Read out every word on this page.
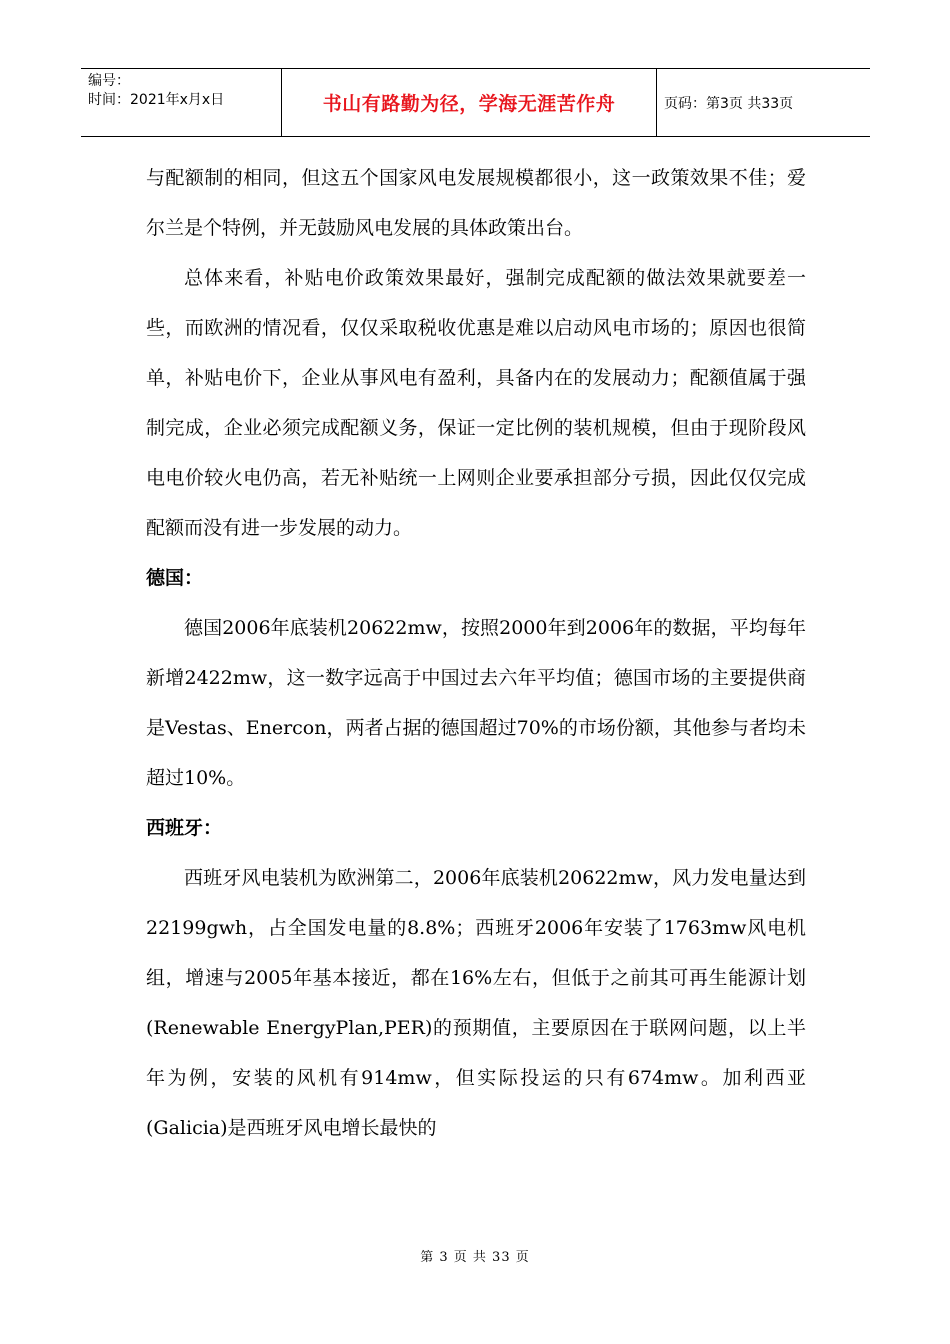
编号：
时间：2021年x月x日	书山有路勤为径，学海无涯苦作舟	页码：第3页 共33页

与配额制的相同，但这五个国家风电发展规模都很小，这一政策效果不佳；爱尔兰是个特例，并无鼓励风电发展的具体政策出台。

总体来看，补贴电价政策效果最好，强制完成配额的做法效果就要差一些，而欧洲的情况看，仅仅采取税收优惠是难以启动风电市场的；原因也很简单，补贴电价下，企业从事风电有盈利，具备内在的发展动力；配额值属于强制完成，企业必须完成配额义务，保证一定比例的装机规模，但由于现阶段风电电价较火电仍高，若无补贴统一上网则企业要承担部分亏损，因此仅仅完成配额而没有进一步发展的动力。

德国：

德国2006年底装机20622mw，按照2000年到2006年的数据，平均每年新增2422mw，这一数字远高于中国过去六年平均值；德国市场的主要提供商是Vestas、Enercon，两者占据的德国超过70%的市场份额，其他参与者均未超过10%。

西班牙：

西班牙风电装机为欧洲第二，2006年底装机20622mw，风力发电量达到22199gwh，占全国发电量的8.8%；西班牙2006年安装了1763mw风电机组，增速与2005年基本接近，都在16%左右，但低于之前其可再生能源计划(Renewable EnergyPlan,PER)的预期值，主要原因在于联网问题，以上半年为例，安装的风机有914mw，但实际投运的只有674mw。加利西亚(Galicia)是西班牙风电增长最快的

第 3 页 共 33 页
